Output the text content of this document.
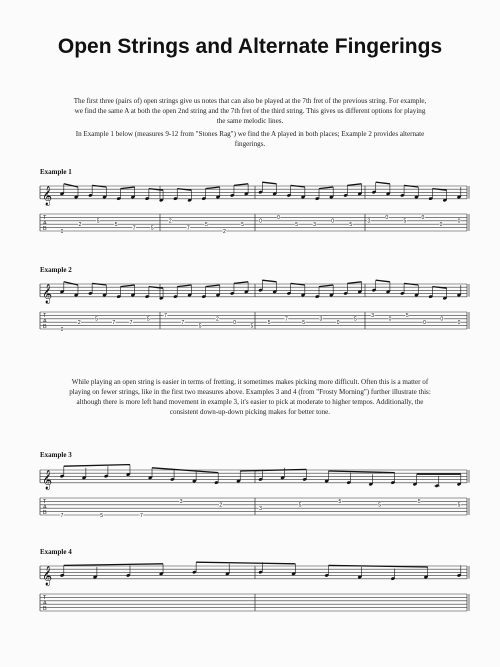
Open Strings and Alternate Fingerings

The first three (pairs of) open strings give us notes that can also be played at the 7th fret of the previous string. For example, we find the same A at both the open 2nd string and the 7th fret of the third string. This gives us different options for playing the same melodic lines.

In Example 1 below (measures 9-12 from "Stones Rag") we find the A played in both places; Example 2 provides alternate fingerings.

Example 1
𝄞
T
A
B	0
2
5
5
7	5
2
7
5
2
5
0
0
5	3
0
5
3
0
5
0
0
0
Example 2
𝄞
T
A
B	0
2
5
7	7
5
7
7
5
2
0
5
5
7
5
3
0
5
3
0
5
0
0
0

While playing an open string is easier in terms of fretting, it sometimes makes picking more difficult. Often this is a matter of playing on fewer strings, like in the first two measures above. Examples 3 and 4 (from "Frosty Morning") further illustrate this: although there is more left hand movement in example 3, it's easier to pick at moderate to higher tempos. Additionally, the consistent down-up-down picking makes for better tone.

Example 3
𝄞
T
A
B	7	5	7
3
2
3
5
5
5
5
5
Example 4
𝄞
T
A
B
